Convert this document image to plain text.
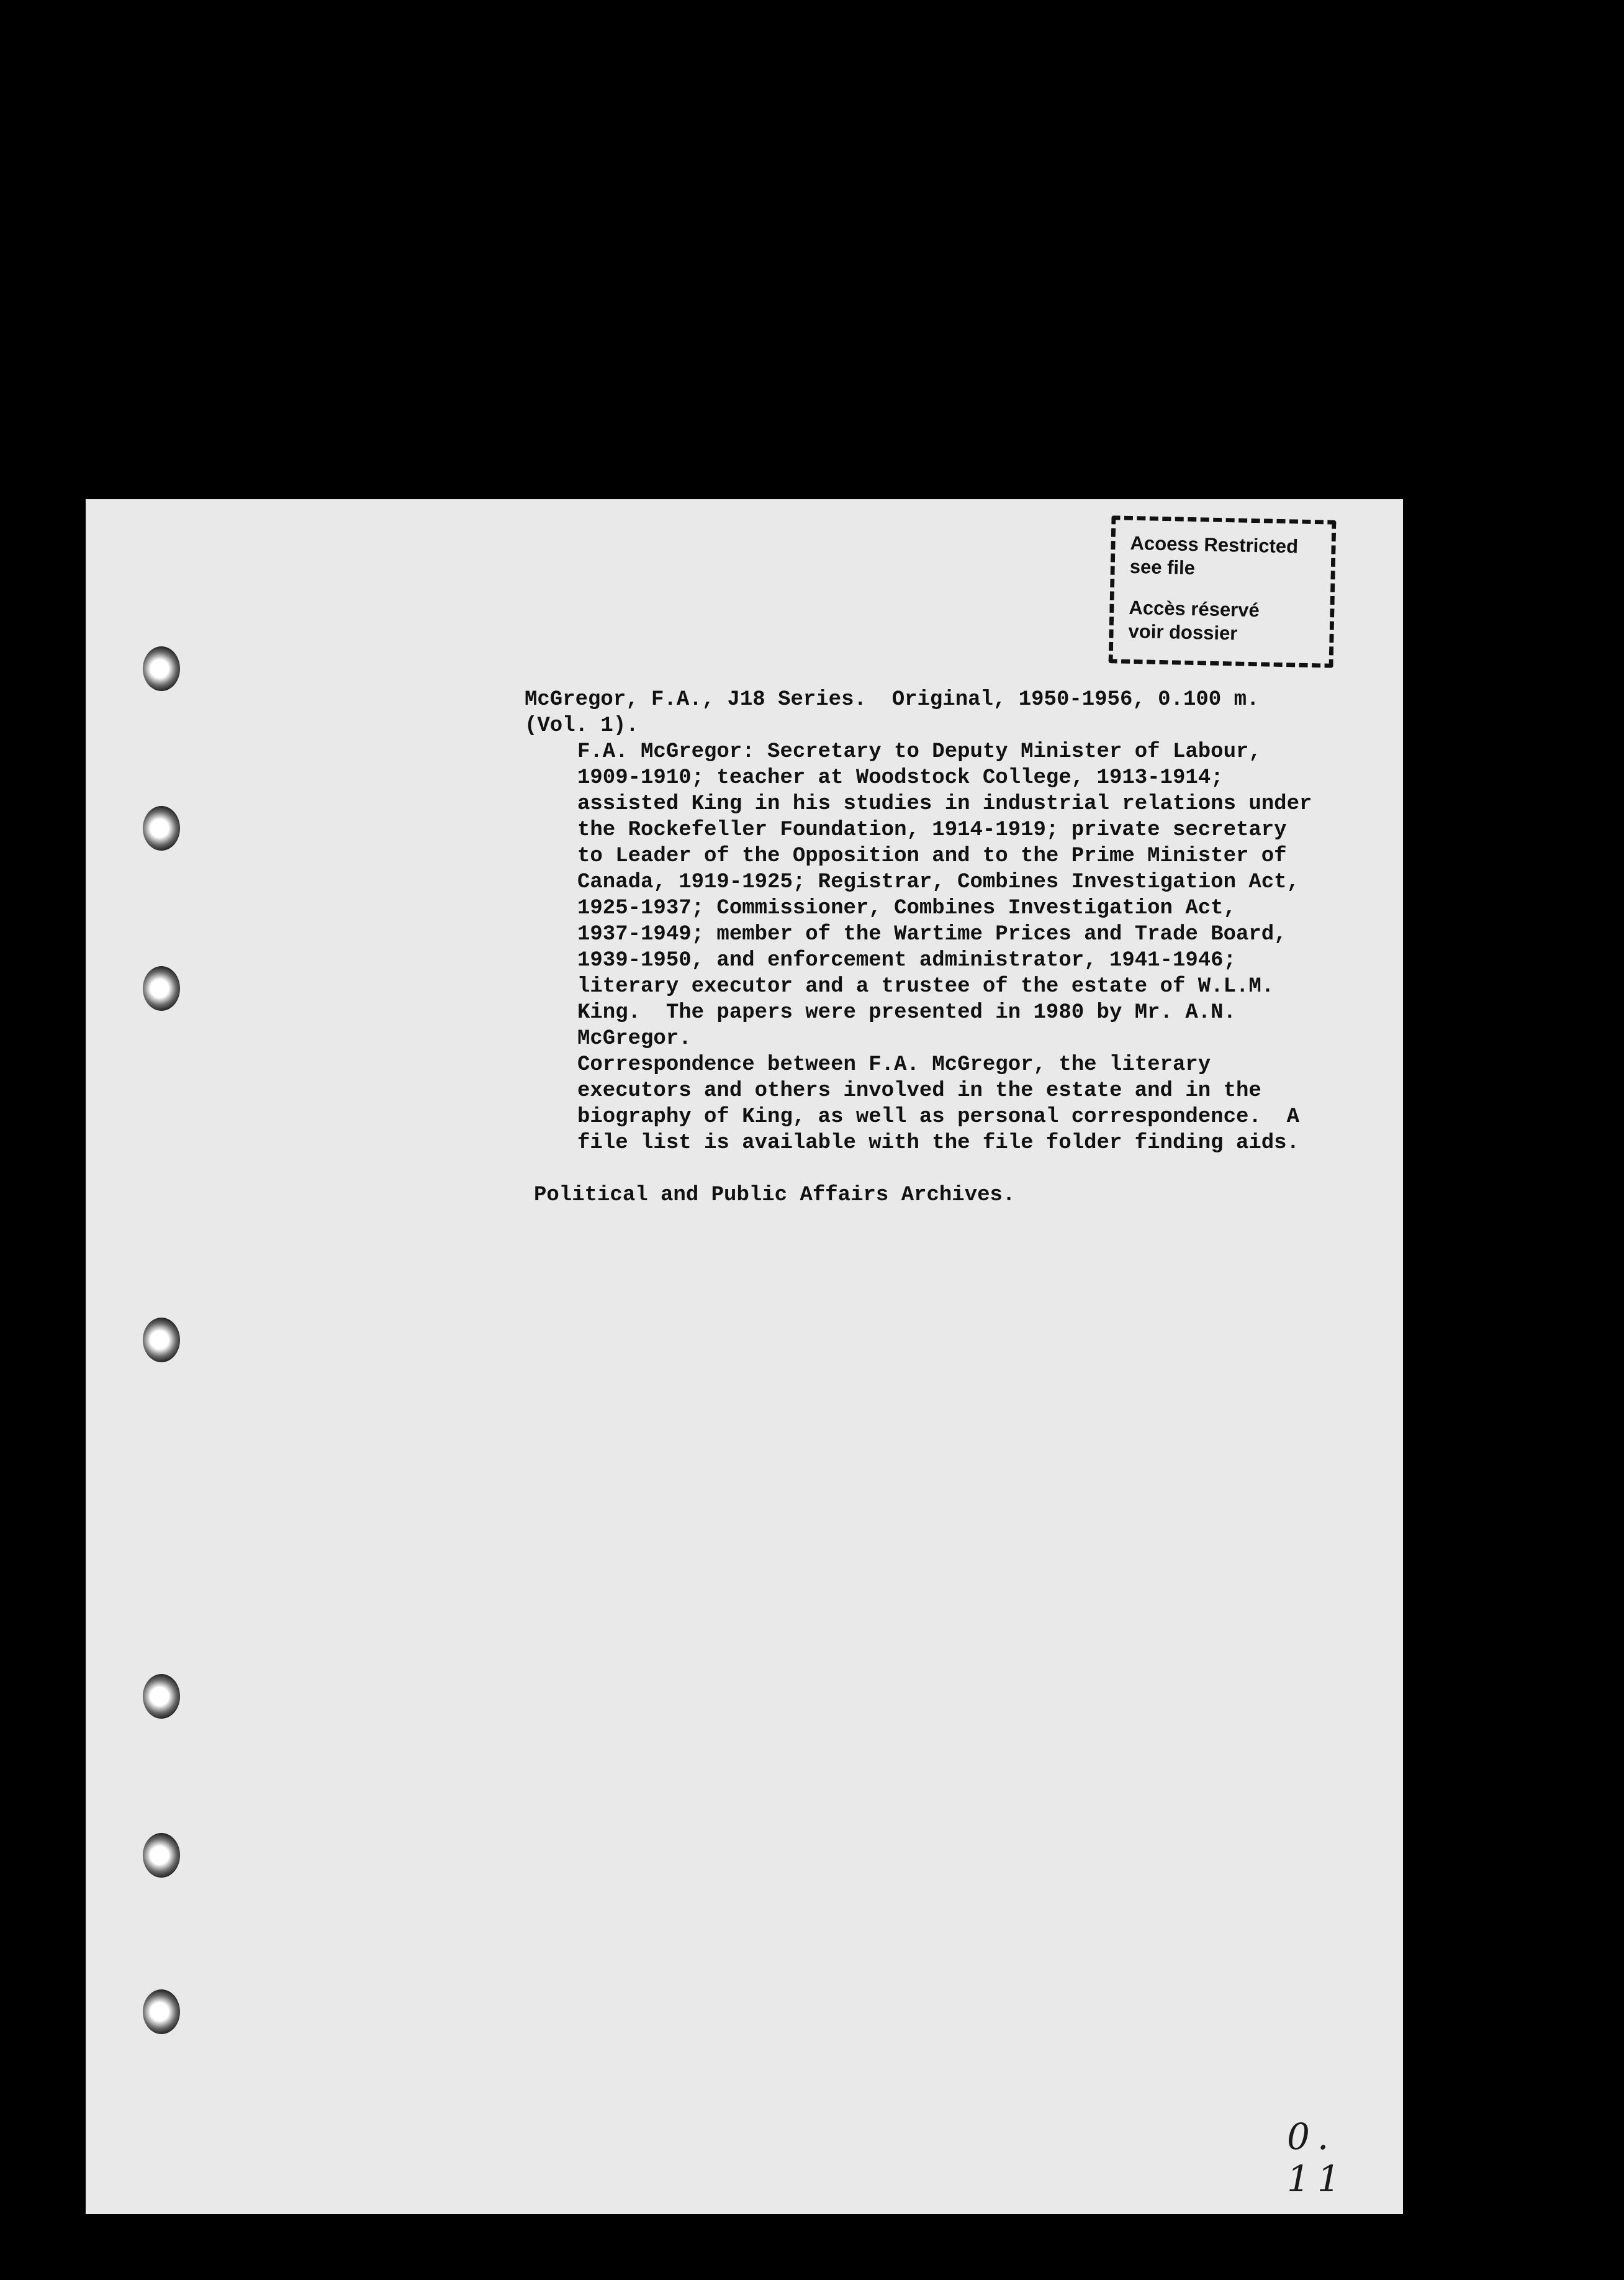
Acoess Restricted
see file
Accès réservé
voir dossier
McGregor, F.A., J18 Series.  Original, 1950-1956, 0.100 m.
(Vol. 1).
F.A. McGregor: Secretary to Deputy Minister of Labour,
1909-1910; teacher at Woodstock College, 1913-1914;
assisted King in his studies in industrial relations under
the Rockefeller Foundation, 1914-1919; private secretary
to Leader of the Opposition and to the Prime Minister of
Canada, 1919-1925; Registrar, Combines Investigation Act,
1925-1937; Commissioner, Combines Investigation Act,
1937-1949; member of the Wartime Prices and Trade Board,
1939-1950, and enforcement administrator, 1941-1946;
literary executor and a trustee of the estate of W.L.M.
King.  The papers were presented in 1980 by Mr. A.N.
McGregor.
Correspondence between F.A. McGregor, the literary
executors and others involved in the estate and in the
biography of King, as well as personal correspondence.  A
file list is available with the file folder finding aids.
Political and Public Affairs Archives.
0. 11
